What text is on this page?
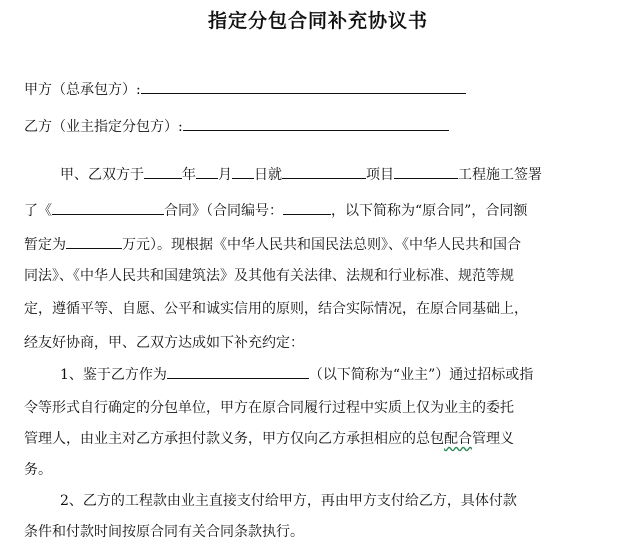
指定分包合同补充协议书
甲方（总承包方）:
乙方（业主指定分包方）:
甲、乙双方于	年 月 日就	项目	工程施工签署
了《	合同》（合同编号：	，以下简称为“原合同”，合同额
暂定为	万元）。现根据《中华人民共和国民法总则》、《中华人民共和国合
同法》、《中华人民共和国建筑法》及其他有关法律、法规和行业标准、规范等规
定，遵循平等、自愿、公平和诚实信用的原则，结合实际情况，在原合同基础上，
经友好协商，甲、乙双方达成如下补充约定：
1、鉴于乙方作为	（以下简称为“业主”）通过招标或指
令等形式自行确定的分包单位，甲方在原合同履行过程中实质上仅为业主的委托
管理人，由业主对乙方承担付款义务，甲方仅向乙方承担相应的总包配合管理义
务。
2、乙方的工程款由业主直接支付给甲方，再由甲方支付给乙方，具体付款
条件和付款时间按原合同有关合同条款执行。
